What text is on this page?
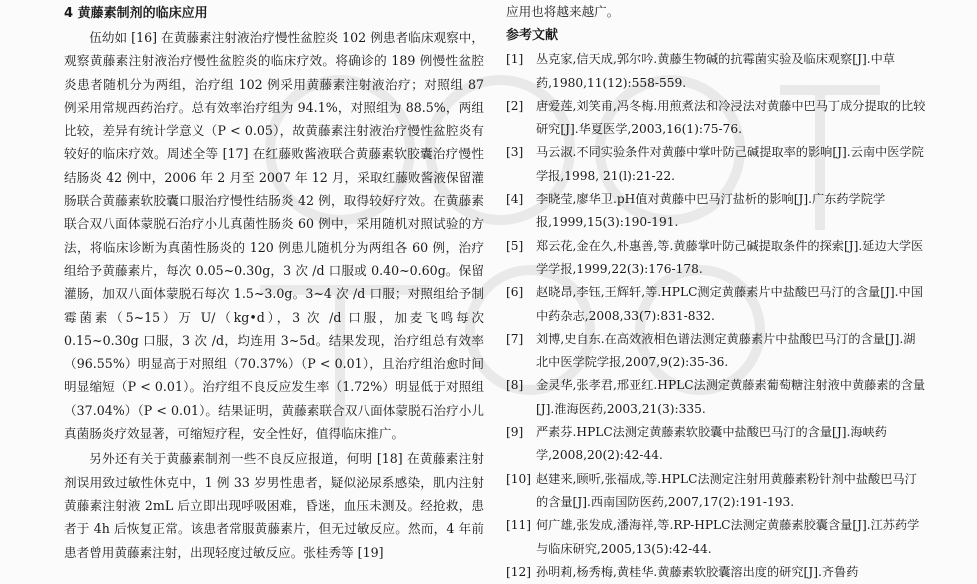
4 黄藤素制剂的临床应用

伍幼如 [16] 在黄藤素注射液治疗慢性盆腔炎 102 例患者临床观察中，观察黄藤素注射液治疗慢性盆腔炎的临床疗效。将确诊的 189 例慢性盆腔炎患者随机分为两组，治疗组 102 例采用黄藤素注射液治疗；对照组 87 例采用常规西药治疗。总有效率治疗组为 94.1%，对照组为 88.5%，两组比较，差异有统计学意义（P < 0.05），故黄藤素注射液治疗慢性盆腔炎有较好的临床疗效。周述全等 [17] 在红藤败酱液联合黄藤素软胶囊治疗慢性结肠炎 42 例中，2006 年 2 月至 2007 年 12 月，采取红藤败酱液保留灌肠联合黄藤素软胶囊口服治疗慢性结肠炎 42 例，取得较好疗效。在黄藤素联合双八面体蒙脱石治疗小儿真菌性肠炎 60 例中，采用随机对照试验的方法，将临床诊断为真菌性肠炎的 120 例患儿随机分为两组各 60 例，治疗组给予黄藤素片，每次 0.05~0.30g，3 次 /d 口服或 0.40~0.60g。保留灌肠，加双八面体蒙脱石每次 1.5~3.0g。3~4 次 /d 口服；对照组给予制霉菌素（5~15）万 U/（kg•d），3 次 /d 口服，加麦飞鸣每次 0.15~0.30g 口服，3 次 /d，均连用 3~5d。结果发现，治疗组总有效率（96.55%）明显高于对照组（70.37%）（P < 0.01），且治疗组治愈时间明显缩短（P < 0.01）。治疗组不良反应发生率（1.72%）明显低于对照组（37.04%）（P < 0.01）。结果证明，黄藤素联合双八面体蒙脱石治疗小儿真菌肠炎疗效显著，可缩短疗程，安全性好，值得临床推广。

另外还有关于黄藤素制剂一些不良反应报道，何明 [18] 在黄藤素注射剂误用致过敏性休克中，1 例 33 岁男性患者，疑似泌尿系感染，肌内注射黄藤素注射液 2mL 后立即出现呼吸困难，昏迷，血压未测及。经抢救，患者于 4h 后恢复正常。该患者常服黄藤素片，但无过敏反应。然而，4 年前患者曾用黄藤素注射，出现轻度过敏反应。张桂秀等 [19]

应用也将越来越广。

参考文献
[1]	丛克家,信天成,郭尔吟.黄藤生物碱的抗霉菌实验及临床观察[J].中草药,1980,11(12):558-559.
[2]	唐爱莲,刘笑甫,冯冬梅.用煎煮法和冷浸法对黄藤中巴马丁成分提取的比较研究[J].华夏医学,2003,16(1):75-76.
[3]	马云淑.不同实验条件对黄藤中掌叶防己碱提取率的影响[J].云南中医学院学报,1998, 21(l):21-22.
[4]	李晓莹,廖华卫.pH值对黄藤中巴马汀盐析的影响[J].广东药学院学报,1999,15(3):190-191.
[5]	郑云花,金在久,朴惠善,等.黄藤掌叶防己碱提取条件的探索[J].延边大学医学学报,1999,22(3):176-178.
[6]	赵晓昂,李钰,王辉轩,等.HPLC测定黄藤素片中盐酸巴马汀的含量[J].中国中药杂志,2008,33(7):831-832.
[7]	刘博,史自东.在高效液相色谱法测定黄藤素片中盐酸巴马汀的含量[J].湖北中医学院学报,2007,9(2):35-36.
[8]	金灵华,张孝君,邢亚红.HPLC法测定黄藤素葡萄糖注射液中黄藤素的含量[J].淮海医药,2003,21(3):335.
[9]	严素芬.HPLC法测定黄藤素软胶囊中盐酸巴马汀的含量[J].海峡药学,2008,20(2):42-44.
[10] 赵建来,顾听,张福成,等.HPLC法测定注射用黄藤素粉针剂中盐酸巴马汀的含量[J].西南国防医药,2007,17(2):191-193.
[11] 何广雄,张发成,潘海祥,等.RP-HPLC法测定黄藤素胶囊含量[J].江苏药学与临床研究,2005,13(5):42-44.
[12] 孙明莉,杨秀梅,黄桂华.黄藤素软胶囊溶出度的研究[J].齐鲁药
